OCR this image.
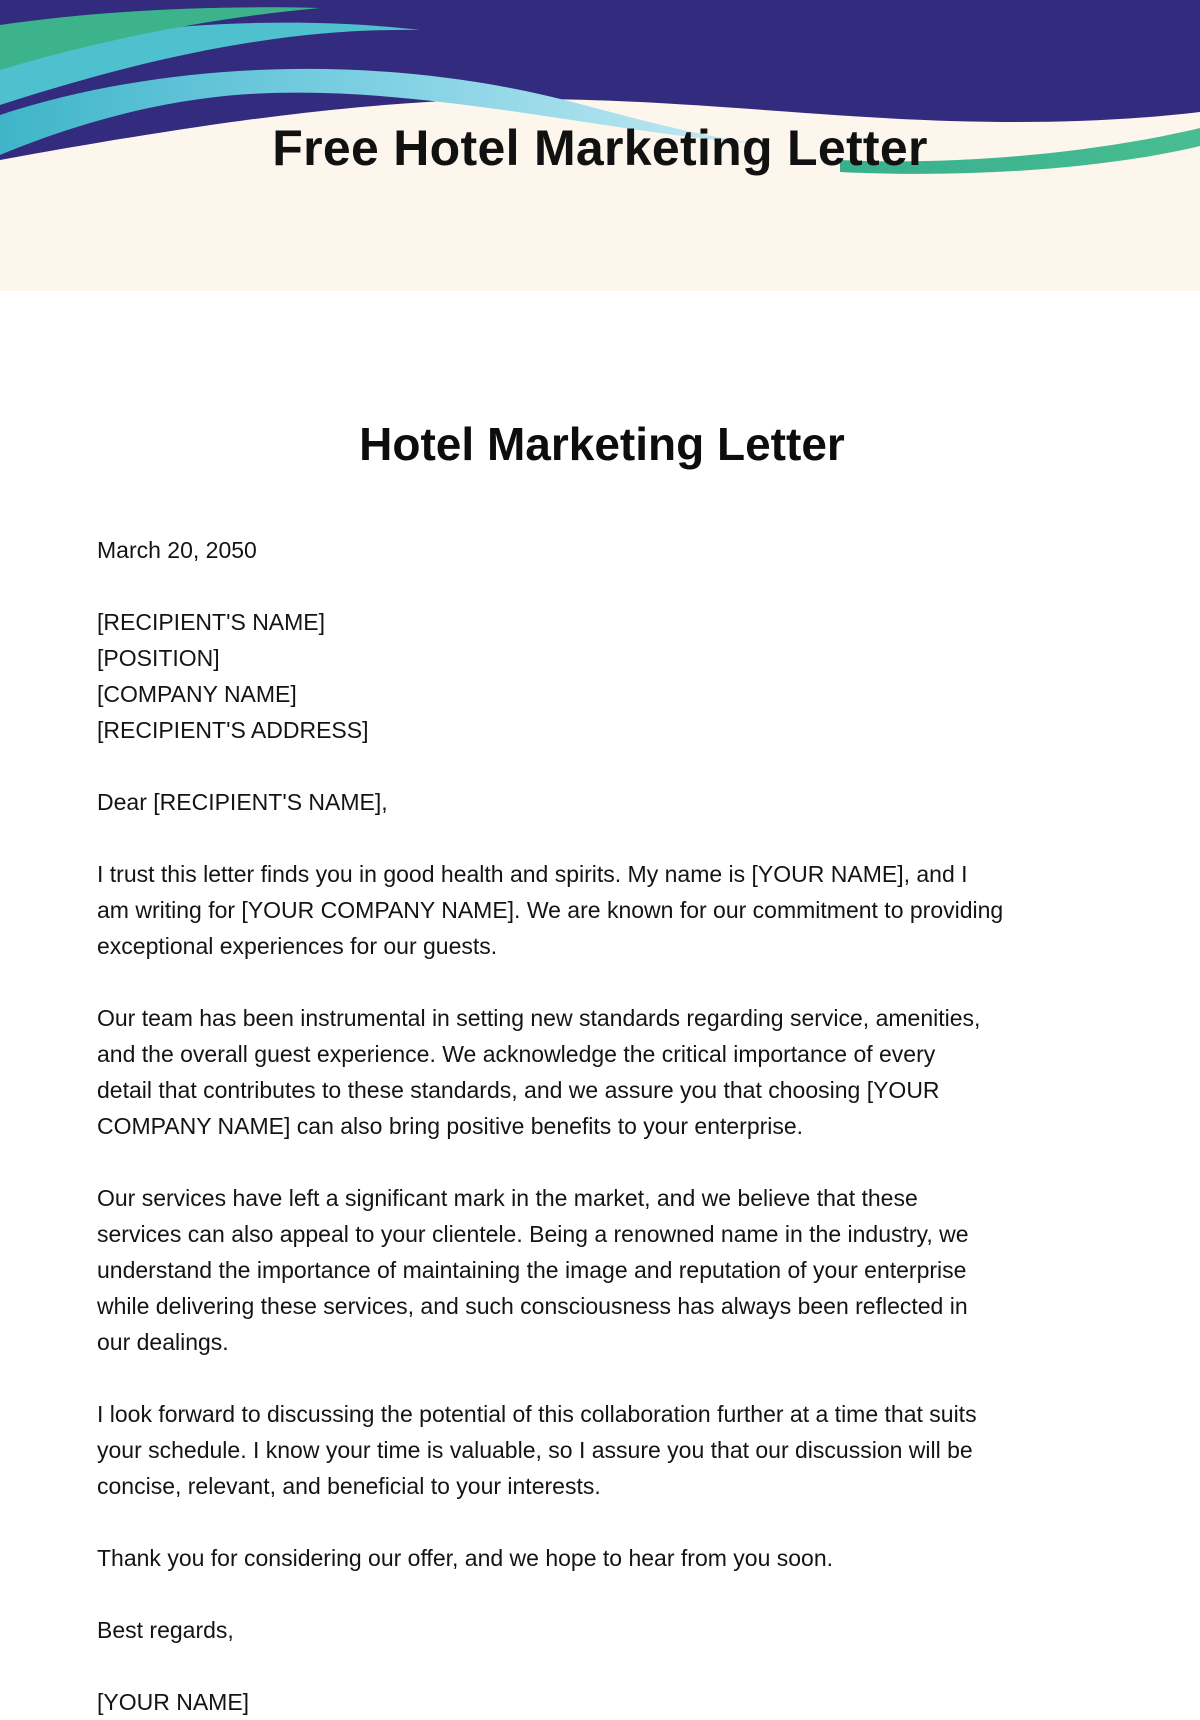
Free Hotel Marketing Letter
Hotel Marketing Letter

March 20, 2050

[RECIPIENT'S NAME]

[POSITION]

[COMPANY NAME]

[RECIPIENT'S ADDRESS]

Dear [RECIPIENT'S NAME],

I trust this letter finds you in good health and spirits. My name is [YOUR NAME], and I

am writing for [YOUR COMPANY NAME]. We are known for our commitment to providing

exceptional experiences for our guests.

Our team has been instrumental in setting new standards regarding service, amenities,

and the overall guest experience. We acknowledge the critical importance of every

detail that contributes to these standards, and we assure you that choosing [YOUR

COMPANY NAME] can also bring positive benefits to your enterprise.

Our services have left a significant mark in the market, and we believe that these

services can also appeal to your clientele. Being a renowned name in the industry, we

understand the importance of maintaining the image and reputation of your enterprise

while delivering these services, and such consciousness has always been reflected in

our dealings.

I look forward to discussing the potential of this collaboration further at a time that suits

your schedule. I know your time is valuable, so I assure you that our discussion will be

concise, relevant, and beneficial to your interests.

Thank you for considering our offer, and we hope to hear from you soon.

Best regards,

[YOUR NAME]
